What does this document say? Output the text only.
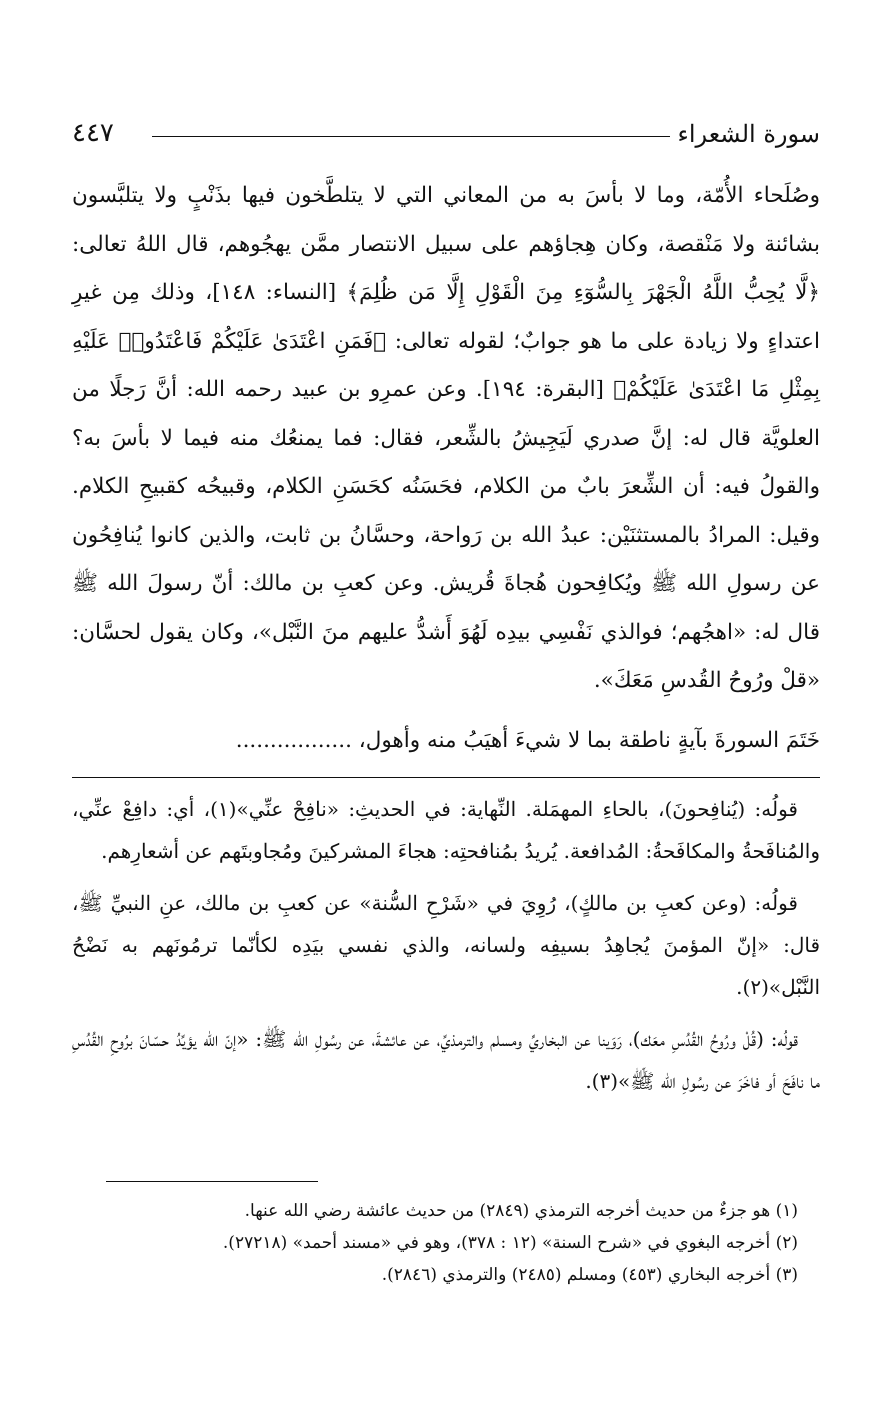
سورة الشعراء
٤٤٧

وصُلَحاء الأُمّة، وما لا بأسَ به من المعاني التي لا يتلطَّخون فيها بذَنْبٍ ولا يتلبَّسون بشائنة ولا مَنْقصة، وكان هِجاؤهم على سبيل الانتصار ممَّن يهجُوهم، قال اللهُ تعالى: ﴿لَّا يُحِبُّ اللَّهُ الْجَهْرَ بِالسُّوٓءِ مِنَ الْقَوْلِ إِلَّا مَن ظُلِمَ﴾ [النساء: ١٤٨]، وذلك مِن غيرِ اعتداءٍ ولا زيادة على ما هو جوابٌ؛ لقوله تعالى: ﴿فَمَنِ اعْتَدَىٰ عَلَيْكُمْ فَاعْتَدُوا۟ عَلَيْهِ بِمِثْلِ مَا اعْتَدَىٰ عَلَيْكُمْ﴾ [البقرة: ١٩٤]. وعن عمرِو بن عبيد رحمه الله: أنَّ رَجلًا من العلويَّة قال له: إنَّ صدري لَيَجِيشُ بالشِّعر، فقال: فما يمنعُك منه فيما لا بأسَ به؟ والقولُ فيه: أن الشِّعرَ بابٌ من الكلام، فحَسَنُه كحَسَنِ الكلام، وقبيحُه كقبيحِ الكلام. وقيل: المرادُ بالمستثنَيْن: عبدُ الله بن رَواحة، وحسَّانُ بن ثابت، والذين كانوا يُنافِحُون عن رسولِ الله ﷺ ويُكافِحون هُجاةَ قُريش. وعن كعبِ بن مالك: أنّ رسولَ الله ﷺ قال له: «اهجُهم؛ فوالذي نَفْسِي بيدِه لَهُوَ أَشدُّ عليهم منَ النَّبْل»، وكان يقول لحسَّان: «قلْ ورُوحُ القُدسِ مَعَكَ».

خَتَمَ السورةَ بآيةٍ ناطقة بما لا شيءَ أهيَبُ منه وأهول، .................

قولُه: (يُنافِحونَ)، بالحاءِ المهمَلة. النِّهاية: في الحديثِ: «نافِحْ عنِّي»(١)، أي: دافِعْ عنِّي، والمُنافَحةُ والمكافَحةُ: المُدافعة. يُريدُ بمُنافحتِه: هجاءَ المشركينَ ومُجاوبتَهم عن أشعارِهم.

قولُه: (وعن كعبِ بن مالكٍ)، رُوِيَ في «شَرْحِ السُّنة» عن كعبِ بن مالك، عنِ النبيِّ ﷺ، قال: «إنّ المؤمنَ يُجاهِدُ بسيفِه ولسانه، والذي نفسي بيَدِه لكأنّما ترمُونَهم به نَضْحُ النَّبْل»(٢).

قولُه: (قُلْ ورُوحُ القُدُسِ معَك)، رَوَينا عن البخاريِّ ومسلم والترمذيِّ، عن عائشةَ، عن رسُولِ الله ﷺ: «إنّ الله يؤيِّدُ حسّانَ برُوحِ القُدُسِ ما نافَحَ أو فاخَرَ عن رسُولِ الله ﷺ»(٣).

(١) هو جزءٌ من حديث أخرجه الترمذي (٢٨٤٩) من حديث عائشة رضي الله عنها.

(٢) أخرجه البغوي في «شرح السنة» (١٢ : ٣٧٨)، وهو في «مسند أحمد» (٢٧٢١٨).

(٣) أخرجه البخاري (٤٥٣) ومسلم (٢٤٨٥) والترمذي (٢٨٤٦).
